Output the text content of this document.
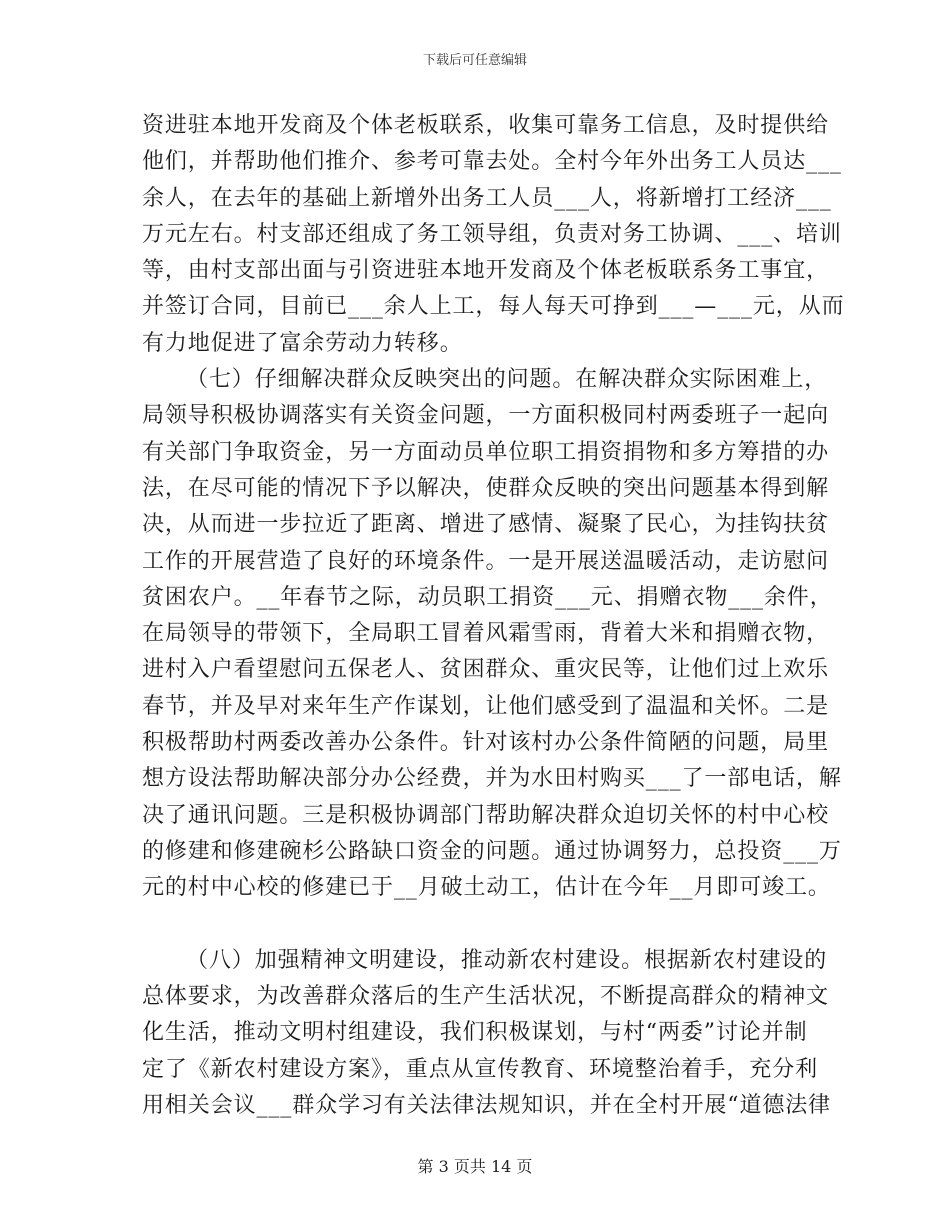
下载后可任意编辑
资进驻本地开发商及个体老板联系，收集可靠务工信息，及时提供给
他们，并帮助他们推介、参考可靠去处。全村今年外出务工人员达___
余人，在去年的基础上新增外出务工人员___人，将新增打工经济___
万元左右。村支部还组成了务工领导组，负责对务工协调、___、培训
等，由村支部出面与引资进驻本地开发商及个体老板联系务工事宜，
并签订合同，目前已___余人上工，每人每天可挣到___—___元，从而
有力地促进了富余劳动力转移。
（七）仔细解决群众反映突出的问题。在解决群众实际困难上，
局领导积极协调落实有关资金问题，一方面积极同村两委班子一起向
有关部门争取资金，另一方面动员单位职工捐资捐物和多方筹措的办
法，在尽可能的情况下予以解决，使群众反映的突出问题基本得到解
决，从而进一步拉近了距离、增进了感情、凝聚了民心，为挂钩扶贫
工作的开展营造了良好的环境条件。一是开展送温暖活动，走访慰问
贫困农户。__年春节之际，动员职工捐资___元、捐赠衣物___余件，
在局领导的带领下，全局职工冒着风霜雪雨，背着大米和捐赠衣物，
进村入户看望慰问五保老人、贫困群众、重灾民等，让他们过上欢乐
春节，并及早对来年生产作谋划，让他们感受到了温温和关怀。二是
积极帮助村两委改善办公条件。针对该村办公条件简陋的问题，局里
想方设法帮助解决部分办公经费，并为水田村购买___了一部电话，解
决了通讯问题。三是积极协调部门帮助解决群众迫切关怀的村中心校
的修建和修建碗杉公路缺口资金的问题。通过协调努力，总投资___万
元的村中心校的修建已于__月破土动工，估计在今年__月即可竣工。
（八）加强精神文明建设，推动新农村建设。根据新农村建设的
总体要求，为改善群众落后的生产生活状况，不断提高群众的精神文
化生活，推动文明村组建设，我们积极谋划，与村“两委”讨论并制
定了《新农村建设方案》，重点从宣传教育、环境整治着手，充分利
用相关会议___群众学习有关法律法规知识，并在全村开展“道德法律
第 3 页共 14 页
